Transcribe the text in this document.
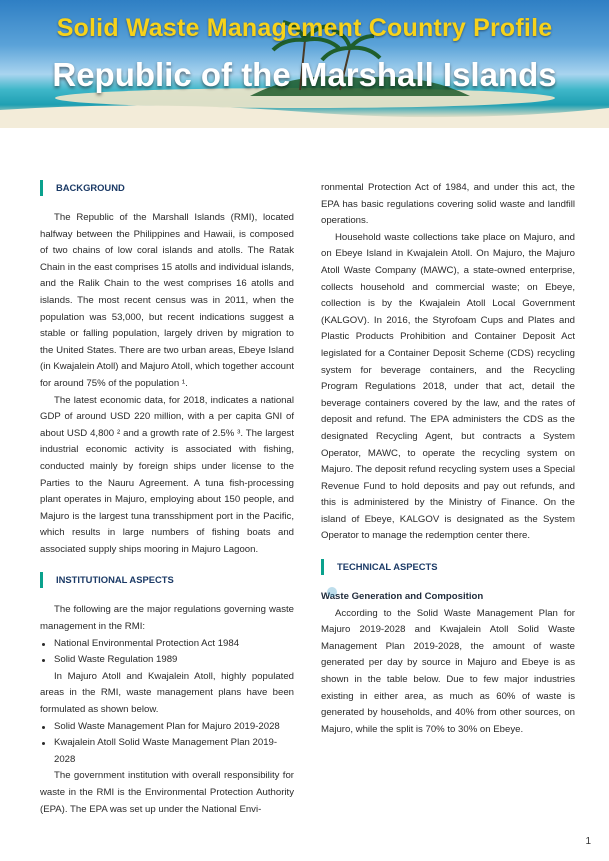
Solid Waste Management Country Profile
Republic of the Marshall Islands
BACKGROUND

The Republic of the Marshall Islands (RMI), located halfway between the Philippines and Hawaii, is composed of two chains of low coral islands and atolls. The Ratak Chain in the east comprises 15 atolls and individual islands, and the Ralik Chain to the west comprises 16 atolls and islands. The most recent census was in 2011, when the population was 53,000, but recent indications suggest a stable or falling population, largely driven by migration to the United States. There are two urban areas, Ebeye Island (in Kwajalein Atoll) and Majuro Atoll, which together account for around 75% of the population ¹.

The latest economic data, for 2018, indicates a national GDP of around USD 220 million, with a per capita GNI of about USD 4,800 ² and a growth rate of 2.5% ³. The largest industrial economic activity is associated with fishing, conducted mainly by foreign ships under license to the Parties to the Nauru Agreement. A tuna fish-processing plant operates in Majuro, employing about 150 people, and Majuro is the largest tuna transshipment port in the Pacific, which results in large numbers of fishing boats and associated supply ships mooring in Majuro Lagoon.

INSTITUTIONAL ASPECTS

The following are the major regulations governing waste management in the RMI:

National Environmental Protection Act 1984
Solid Waste Regulation 1989

In Majuro Atoll and Kwajalein Atoll, highly populated areas in the RMI, waste management plans have been formulated as shown below.

Solid Waste Management Plan for Majuro 2019-2028
Kwajalein Atoll Solid Waste Management Plan 2019-2028

The government institution with overall responsibility for waste in the RMI is the Environmental Protection Authority (EPA). The EPA was set up under the National Envi-

ronmental Protection Act of 1984, and under this act, the EPA has basic regulations covering solid waste and landfill operations.

Household waste collections take place on Majuro, and on Ebeye Island in Kwajalein Atoll. On Majuro, the Majuro Atoll Waste Company (MAWC), a state-owned enterprise, collects household and commercial waste; on Ebeye, collection is by the Kwajalein Atoll Local Government (KALGOV). In 2016, the Styrofoam Cups and Plates and Plastic Products Prohibition and Container Deposit Act legislated for a Container Deposit Scheme (CDS) recycling system for beverage containers, and the Recycling Program Regulations 2018, under that act, detail the beverage containers covered by the law, and the rates of deposit and refund. The EPA administers the CDS as the designated Recycling Agent, but contracts a System Operator, MAWC, to operate the recycling system on Majuro. The deposit refund recycling system uses a Special Revenue Fund to hold deposits and pay out refunds, and this is administered by the Ministry of Finance. On the island of Ebeye, KALGOV is designated as the System Operator to manage the redemption center there.

TECHNICAL ASPECTS

Waste Generation and Composition

According to the Solid Waste Management Plan for Majuro 2019-2028 and Kwajalein Atoll Solid Waste Management Plan 2019-2028, the amount of waste generated per day by source in Majuro and Ebeye is as shown in the table below. Due to few major industries existing in either area, as much as 60% of waste is generated by households, and 40% from other sources, on Majuro, while the split is 70% to 30% on Ebeye.

1
